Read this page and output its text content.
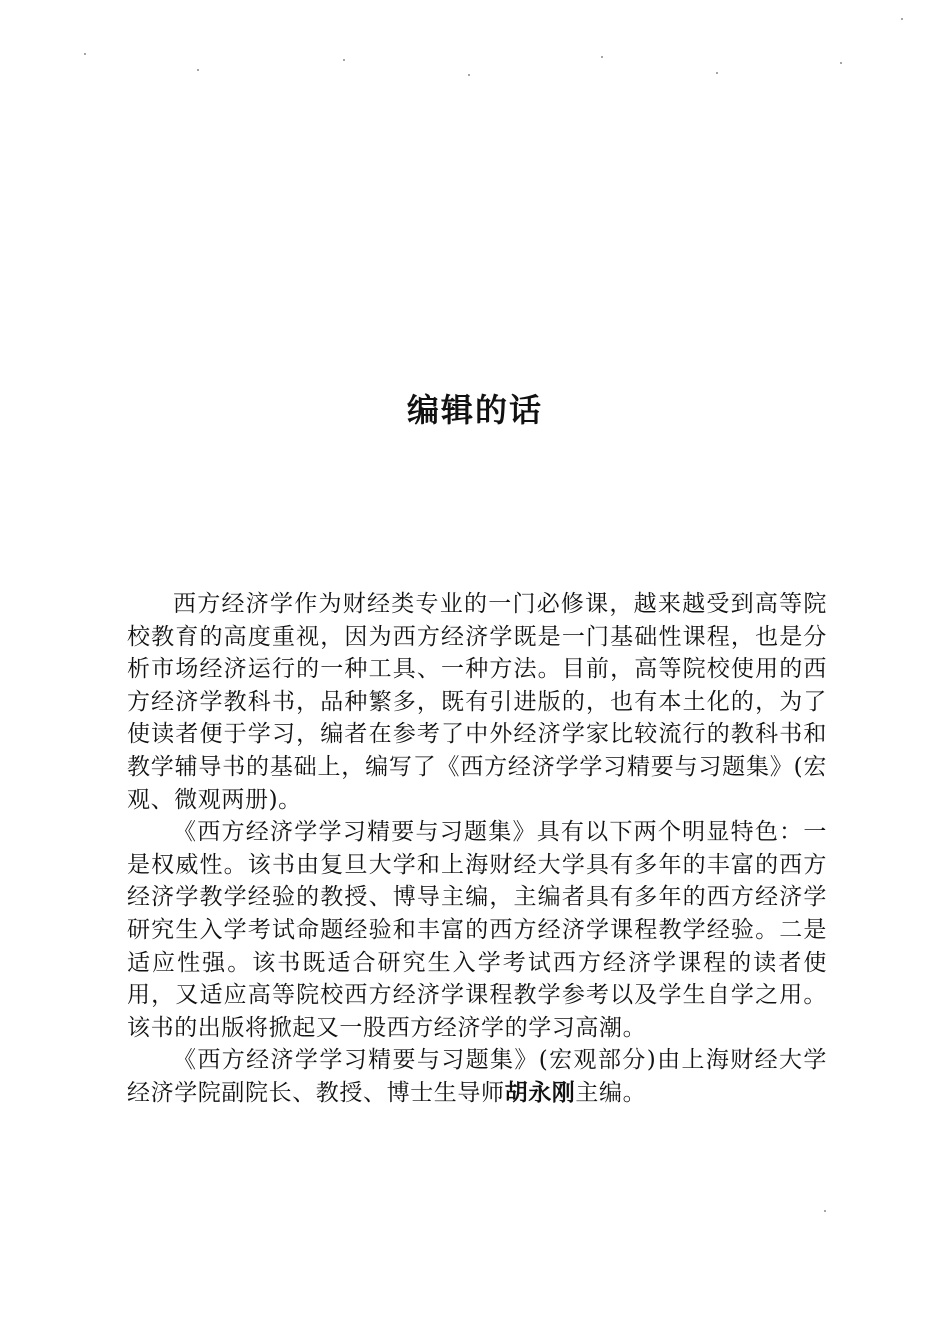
编辑的话

西方经济学作为财经类专业的一门必修课，越来越受到高等院校教育的高度重视，因为西方经济学既是一门基础性课程，也是分析市场经济运行的一种工具、一种方法。目前，高等院校使用的西方经济学教科书，品种繁多，既有引进版的，也有本土化的，为了使读者便于学习，编者在参考了中外经济学家比较流行的教科书和教学辅导书的基础上，编写了《西方经济学学习精要与习题集》(宏观、微观两册)。

《西方经济学学习精要与习题集》具有以下两个明显特色：一是权威性。该书由复旦大学和上海财经大学具有多年的丰富的西方经济学教学经验的教授、博导主编，主编者具有多年的西方经济学研究生入学考试命题经验和丰富的西方经济学课程教学经验。二是适应性强。该书既适合研究生入学考试西方经济学课程的读者使用，又适应高等院校西方经济学课程教学参考以及学生自学之用。该书的出版将掀起又一股西方经济学的学习高潮。

《西方经济学学习精要与习题集》(宏观部分)由上海财经大学经济学院副院长、教授、博士生导师胡永刚主编。
